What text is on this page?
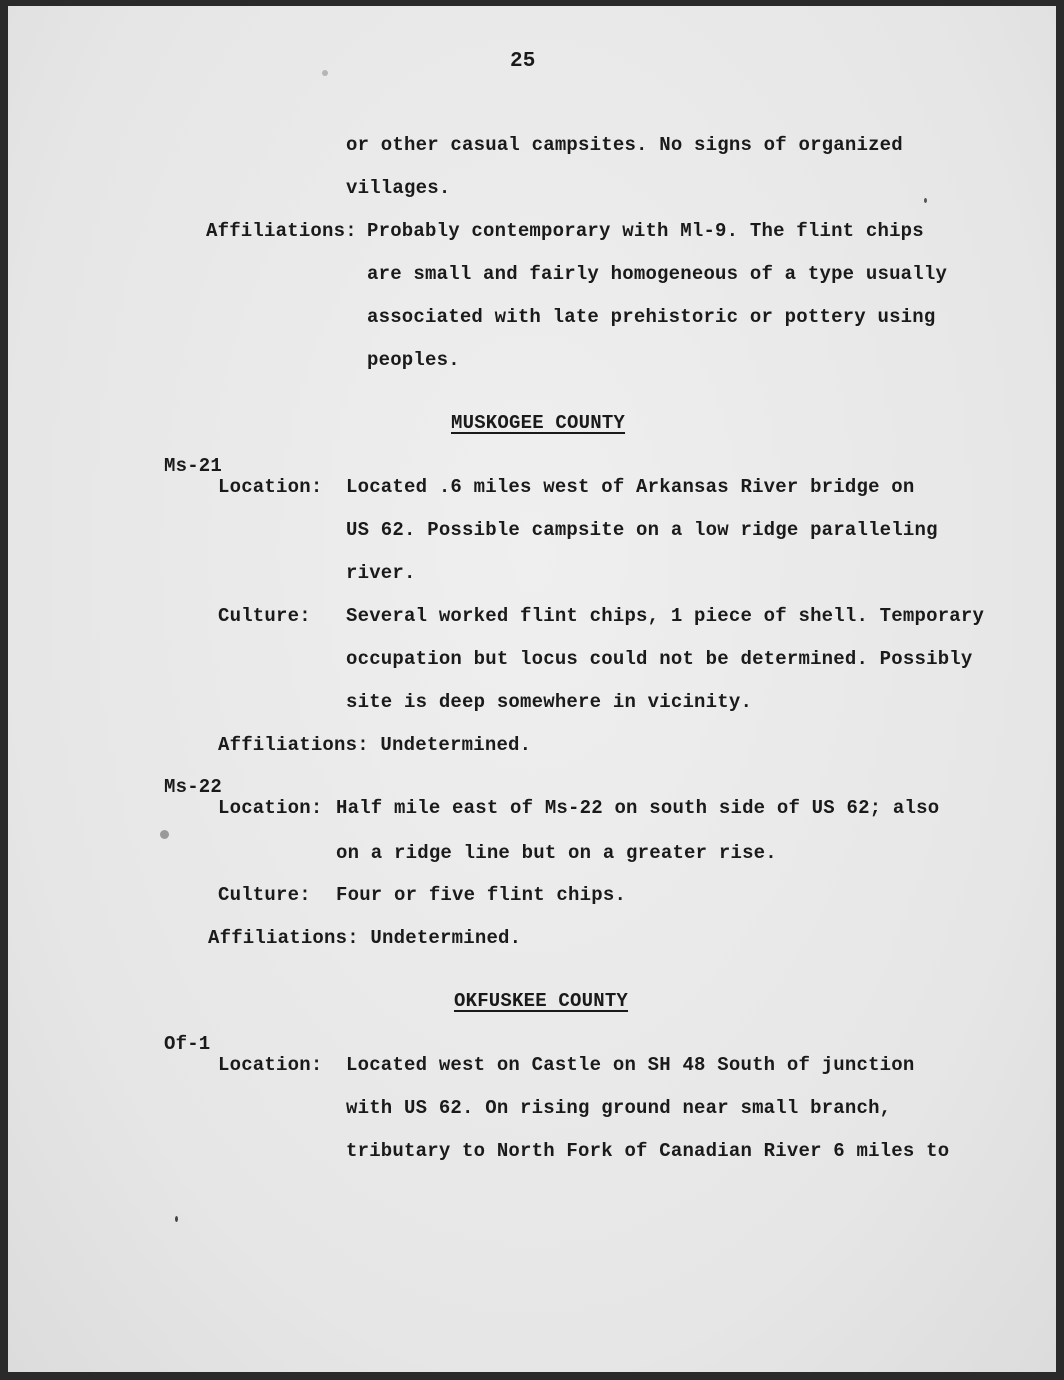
25
or other casual campsites. No signs of organized
villages.
Affiliations: Probably contemporary with Ml-9. The flint chips
are small and fairly homogeneous of a type usually
associated with late prehistoric or pottery using
peoples.
MUSKOGEE COUNTY
Ms-21
Location: Located .6 miles west of Arkansas River bridge on
US 62. Possible campsite on a low ridge paralleling
river.
Culture: Several worked flint chips, 1 piece of shell. Temporary
occupation but locus could not be determined. Possibly
site is deep somewhere in vicinity.
Affiliations: Undetermined.
Ms-22
Location: Half mile east of Ms-22 on south side of US 62; also
on a ridge line but on a greater rise.
Culture: Four or five flint chips.
Affiliations: Undetermined.
OKFUSKEE COUNTY
Of-1
Location: Located west on Castle on SH 48 South of junction
with US 62. On rising ground near small branch,
tributary to North Fork of Canadian River 6 miles to
